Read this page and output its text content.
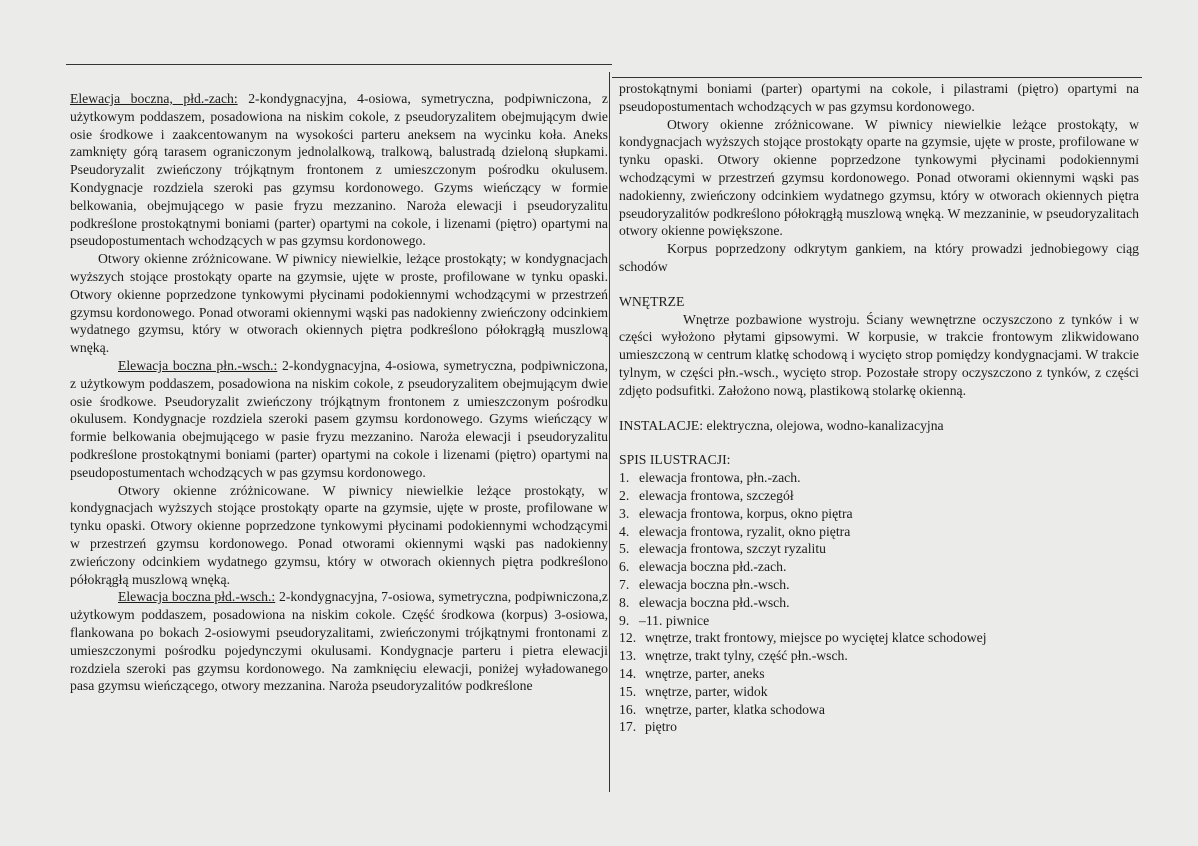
Elewacja boczna, płd.-zach: 2-kondygnacyjna, 4-osiowa, symetryczna, podpiwniczona, z użytkowym poddaszem, posadowiona na niskim cokole, z pseudoryzalitem obejmującym dwie osie środkowe i zaakcentowanym na wysokości parteru aneksem na wycinku koła. Aneks zamknięty górą tarasem ograniczonym jednolalkową, tralkową, balustradą dzieloną słupkami. Pseudoryzalit zwieńczony trójkątnym frontonem z umieszczonym pośrodku okulusem. Kondygnacje rozdziela szeroki pas gzymsu kordonowego. Gzyms wieńczący w formie belkowania, obejmującego w pasie fryzu mezzanino. Naroża elewacji i pseudoryzalitu podkreślone prostokątnymi boniami (parter) opartymi na cokole, i lizenami (piętro) opartymi na pseudopostumentach wchodzących w pas gzymsu kordonowego.

Otwory okienne zróżnicowane. W piwnicy niewielkie, leżące prostokąty; w kondygnacjach wyższych stojące prostokąty oparte na gzymsie, ujęte w proste, profilowane w tynku opaski. Otwory okienne poprzedzone tynkowymi płycinami podokiennymi wchodzącymi w przestrzeń gzymsu kordonowego. Ponad otworami okiennymi wąski pas nadokienny zwieńczony odcinkiem wydatnego gzymsu, który w otworach okiennych piętra podkreślono półokrągłą muszlową wnęką.

Elewacja boczna płn.-wsch.: 2-kondygnacyjna, 4-osiowa, symetryczna, podpiwniczona, z użytkowym poddaszem, posadowiona na niskim cokole, z pseudoryzalitem obejmującym dwie osie środkowe. Pseudoryzalit zwieńczony trójkątnym frontonem z umieszczonym pośrodku okulusem. Kondygnacje rozdziela szeroki pasem gzymsu kordonowego. Gzyms wieńczący w formie belkowania obejmującego w pasie fryzu mezzanino. Naroża elewacji i pseudoryzalitu podkreślone prostokątnymi boniami (parter) opartymi na cokole i lizenami (piętro) opartymi na pseudopostumentach wchodzących w pas gzymsu kordonowego.

Otwory okienne zróżnicowane. W piwnicy niewielkie leżące prostokąty, w kondygnacjach wyższych stojące prostokąty oparte na gzymsie, ujęte w proste, profilowane w tynku opaski. Otwory okienne poprzedzone tynkowymi płycinami podokiennymi wchodzącymi w przestrzeń gzymsu kordonowego. Ponad otworami okiennymi wąski pas nadokienny zwieńczony odcinkiem wydatnego gzymsu, który w otworach okiennych piętra podkreślono półokrągłą muszlową wnęką.

Elewacja boczna płd.-wsch.: 2-kondygnacyjna, 7-osiowa, symetryczna, podpiwniczona,z użytkowym poddaszem, posadowiona na niskim cokole. Część środkowa (korpus) 3-osiowa, flankowana po bokach 2-osiowymi pseudoryzalitami, zwieńczonymi trójkątnymi frontonami z umieszczonymi pośrodku pojedynczymi okulusami. Kondygnacje parteru i pietra elewacji rozdziela szeroki pas gzymsu kordonowego. Na zamknięciu elewacji, poniżej wyładowanego pasa gzymsu wieńczącego, otwory mezzanina. Naroża pseudoryzalitów podkreślone

prostokątnymi boniami (parter) opartymi na cokole, i pilastrami (piętro) opartymi na pseudopostumentach wchodzących w pas gzymsu kordonowego.

Otwory okienne zróżnicowane. W piwnicy niewielkie leżące prostokąty, w kondygnacjach wyższych stojące prostokąty oparte na gzymsie, ujęte w proste, profilowane w tynku opaski. Otwory okienne poprzedzone tynkowymi płycinami podokiennymi wchodzącymi w przestrzeń gzymsu kordonowego. Ponad otworami okiennymi wąski pas nadokienny, zwieńczony odcinkiem wydatnego gzymsu, który w otworach okiennych piętra pseudoryzalitów podkreślono półokrągłą muszlową wnęką. W mezzaninie, w pseudoryzalitach otwory okienne powiększone.

Korpus poprzedzony odkrytym gankiem, na który prowadzi jednobiegowy ciąg schodów

WNĘTRZE

Wnętrze pozbawione wystroju. Ściany wewnętrzne oczyszczono z tynków i w części wyłożono płytami gipsowymi. W korpusie, w trakcie frontowym zlikwidowano umieszczoną w centrum klatkę schodową i wycięto strop pomiędzy kondygnacjami. W trakcie tylnym, w części płn.-wsch., wycięto strop. Pozostałe stropy oczyszczono z tynków, z części zdjęto podsufitki. Założono nową, plastikową stolarkę okienną.

INSTALACJE: elektryczna, olejowa, wodno-kanalizacyjna

SPIS ILUSTRACJI:

1. elewacja frontowa, płn.-zach.
2. elewacja frontowa, szczegół
3. elewacja frontowa, korpus, okno piętra
4. elewacja frontowa, ryzalit, okno piętra
5. elewacja frontowa, szczyt ryzalitu
6. elewacja boczna płd.-zach.
7. elewacja boczna płn.-wsch.
8. elewacja boczna płd.-wsch.
9. –11. piwnice
12. wnętrze, trakt frontowy, miejsce po wyciętej klatce schodowej
13. wnętrze, trakt tylny, część płn.-wsch.
14. wnętrze, parter, aneks
15. wnętrze, parter, widok
16. wnętrze, parter, klatka schodowa
17. piętro
